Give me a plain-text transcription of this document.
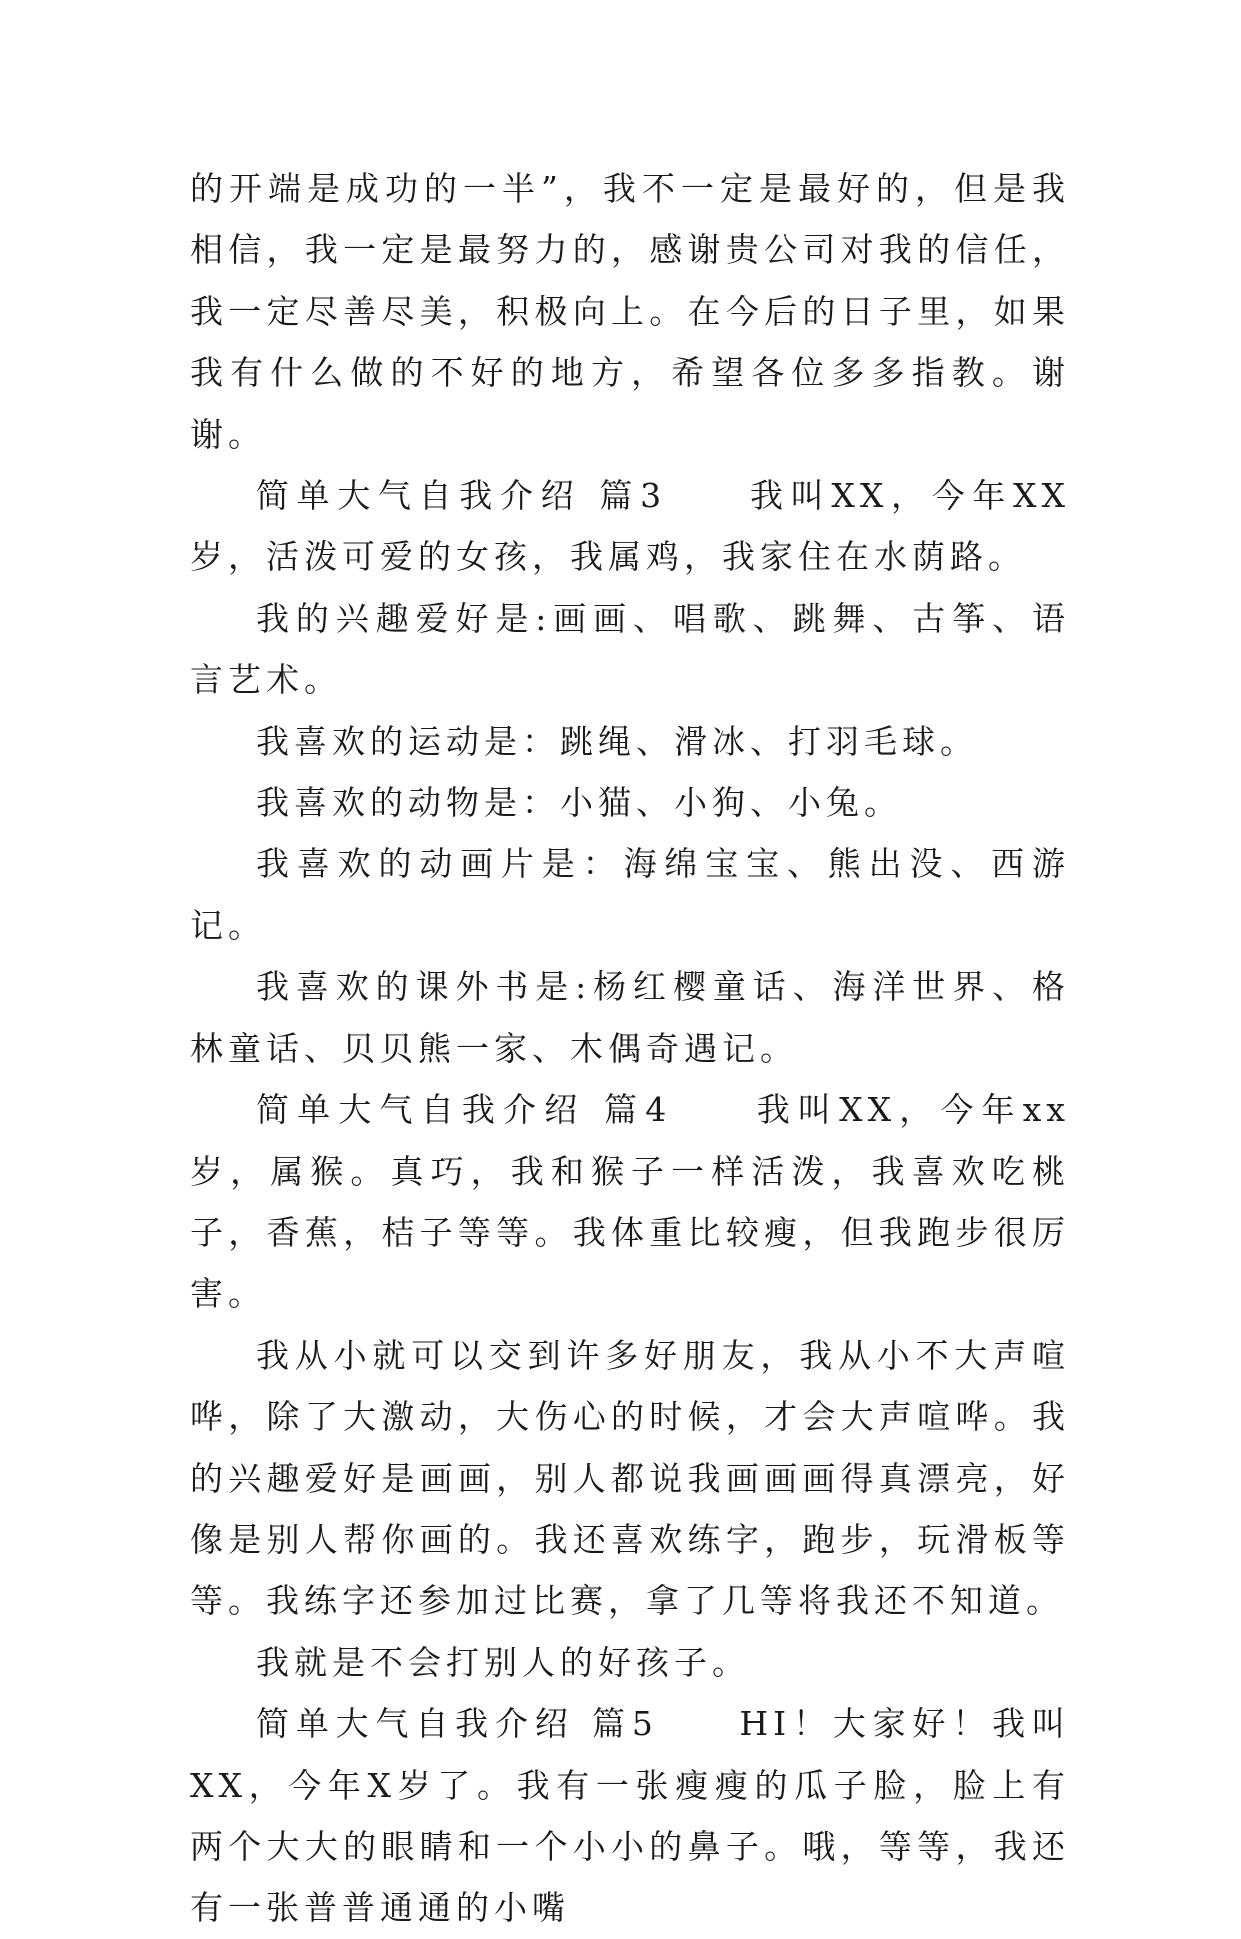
的开端是成功的一半”，我不一定是最好的，但是我相信，我一定是最努力的，感谢贵公司对我的信任，我一定尽善尽美，积极向上。在今后的日子里，如果我有什么做的不好的地方，希望各位多多指教。谢谢。

简单大气自我介绍 篇3　　我叫XX，今年XX岁，活泼可爱的女孩，我属鸡，我家住在水荫路。

我的兴趣爱好是:画画、唱歌、跳舞、古筝、语言艺术。

我喜欢的运动是：跳绳、滑冰、打羽毛球。

我喜欢的动物是：小猫、小狗、小兔。

我喜欢的动画片是：海绵宝宝、熊出没、西游记。

我喜欢的课外书是:杨红樱童话、海洋世界、格林童话、贝贝熊一家、木偶奇遇记。

简单大气自我介绍 篇4　　我叫XX，今年xx岁，属猴。真巧，我和猴子一样活泼，我喜欢吃桃子，香蕉，桔子等等。我体重比较瘦，但我跑步很厉害。

我从小就可以交到许多好朋友，我从小不大声喧哗，除了大激动，大伤心的时候，才会大声喧哗。我的兴趣爱好是画画，别人都说我画画画得真漂亮，好像是别人帮你画的。我还喜欢练字，跑步，玩滑板等等。我练字还参加过比赛，拿了几等将我还不知道。

我就是不会打别人的好孩子。

简单大气自我介绍 篇5　　HI！大家好！我叫XX，今年X岁了。我有一张瘦瘦的瓜子脸，脸上有两个大大的眼睛和一个小小的鼻子。哦，等等，我还有一张普普通通的小嘴
